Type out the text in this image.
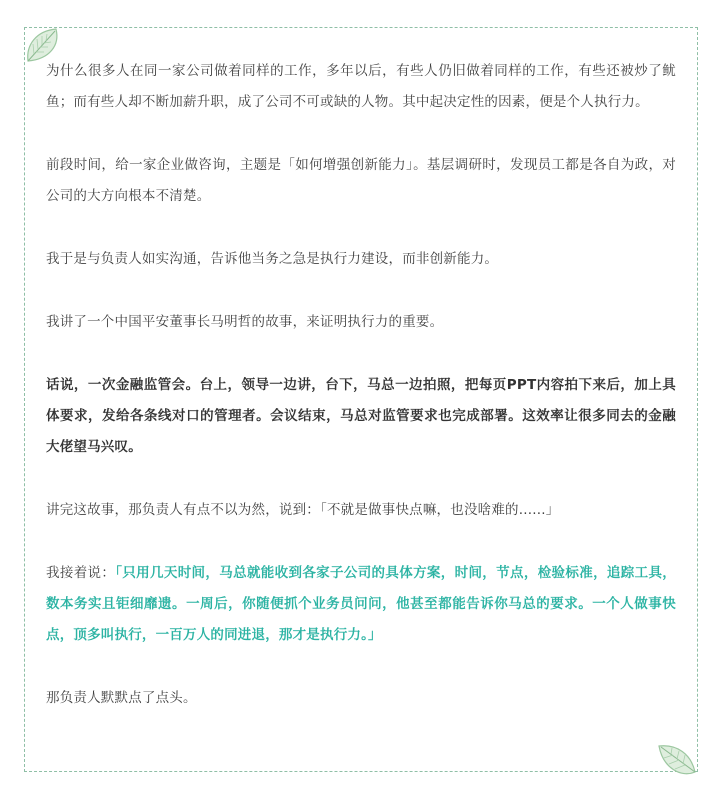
为什么很多人在同一家公司做着同样的工作，多年以后，有些人仍旧做着同样的工作，有些还被炒了鱿鱼；而有些人却不断加薪升职，成了公司不可或缺的人物。其中起决定性的因素，便是个人执行力。

前段时间，给一家企业做咨询，主题是「如何增强创新能力」。基层调研时，发现员工都是各自为政，对公司的大方向根本不清楚。

我于是与负责人如实沟通，告诉他当务之急是执行力建设，而非创新能力。

我讲了一个中国平安董事长马明哲的故事，来证明执行力的重要。

话说，一次金融监管会。台上，领导一边讲，台下，马总一边拍照，把每页PPT内容拍下来后，加上具体要求，发给各条线对口的管理者。会议结束，马总对监管要求也完成部署。这效率让很多同去的金融大佬望马兴叹。

讲完这故事，那负责人有点不以为然，说到：「不就是做事快点嘛，也没啥难的......」

我接着说：「只用几天时间，马总就能收到各家子公司的具体方案，时间，节点，检验标准，追踪工具，数本务实且钜细靡遗。一周后，你随便抓个业务员问问，他甚至都能告诉你马总的要求。一个人做事快点，顶多叫执行，一百万人的同进退，那才是执行力。」

那负责人默默点了点头。
